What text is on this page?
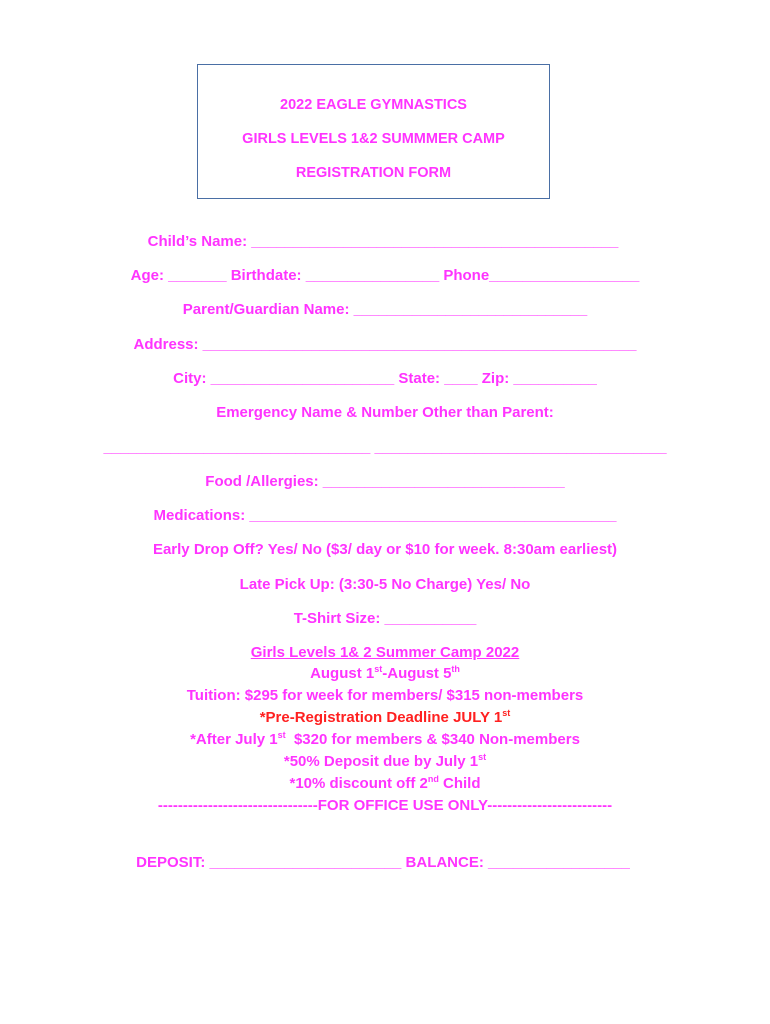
2022 EAGLE GYMNASTICS
GIRLS LEVELS 1&2 SUMMMER CAMP
REGISTRATION FORM
Child’s Name: ____________________________________________
Age: _______ Birthdate: ________________ Phone__________________
Parent/Guardian Name: ____________________________
Address: ____________________________________________________
City: ______________________ State: ____ Zip: __________
Emergency Name & Number Other than Parent:
________________________________ ___________________________________
Food /Allergies: _____________________________
Medications: ____________________________________________
Early Drop Off? Yes/ No ($3/ day or $10 for week. 8:30am earliest)
Late Pick Up: (3:30-5 No Charge) Yes/ No
T-Shirt Size: ___________
Girls Levels 1& 2 Summer Camp 2022
August 1st-August 5th
Tuition: $295 for week for members/ $315 non-members
*Pre-Registration Deadline JULY 1st
*After July 1st  $320 for members & $340 Non-members
*50% Deposit due by July 1st
*10% discount off 2nd Child
--------------------------------FOR OFFICE USE ONLY-------------------------
DEPOSIT: _______________________ BALANCE: _________________
